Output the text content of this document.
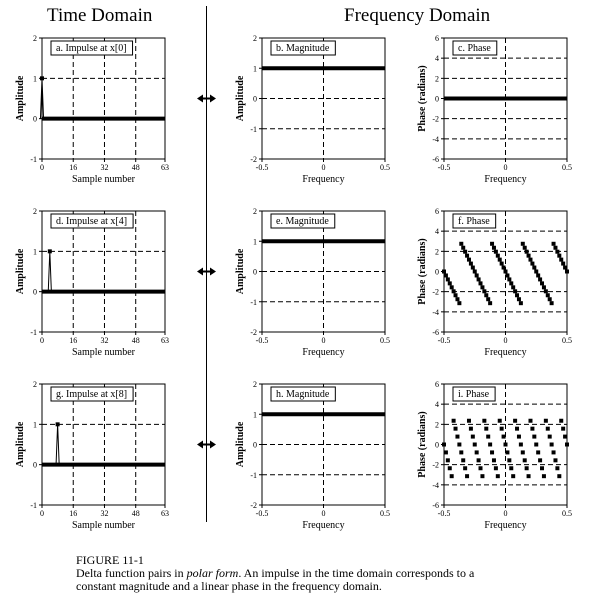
Time Domain	Frequency Domain
0	16	32	48	63
-1
0
1
2
Sample number
Amplitude
a. Impulse at x[0]
-0.5	0	0.5
-2
-1
0
1
2
Frequency
Amplitude
b. Magnitude
-0.5	0	0.5
-6
-4
-2
0
2
4
6
Frequency
Phase (radians)
c. Phase
0	16	32	48	63
-1
0
1
2
Sample number
Amplitude
d. Impulse at x[4]
-0.5	0	0.5
-2
-1
0
1
2
Frequency
Amplitude
e. Magnitude
-0.5	0	0.5
-6
-4
-2
0
2
4
6
Frequency
Phase (radians)
f. Phase
0	16	32	48	63
-1
0
1
2
Sample number
Amplitude
g. Impulse at x[8]
-0.5	0	0.5
-2
-1
0
1
2
Frequency
Amplitude
h. Magnitude
-0.5	0	0.5
-6
-4
-2
0
2
4
6
Frequency
Phase (radians)
i. Phase
FIGURE 11-1
Delta function pairs in polar form. An impulse in the time domain corresponds to a
constant magnitude and a linear phase in the frequency domain.
